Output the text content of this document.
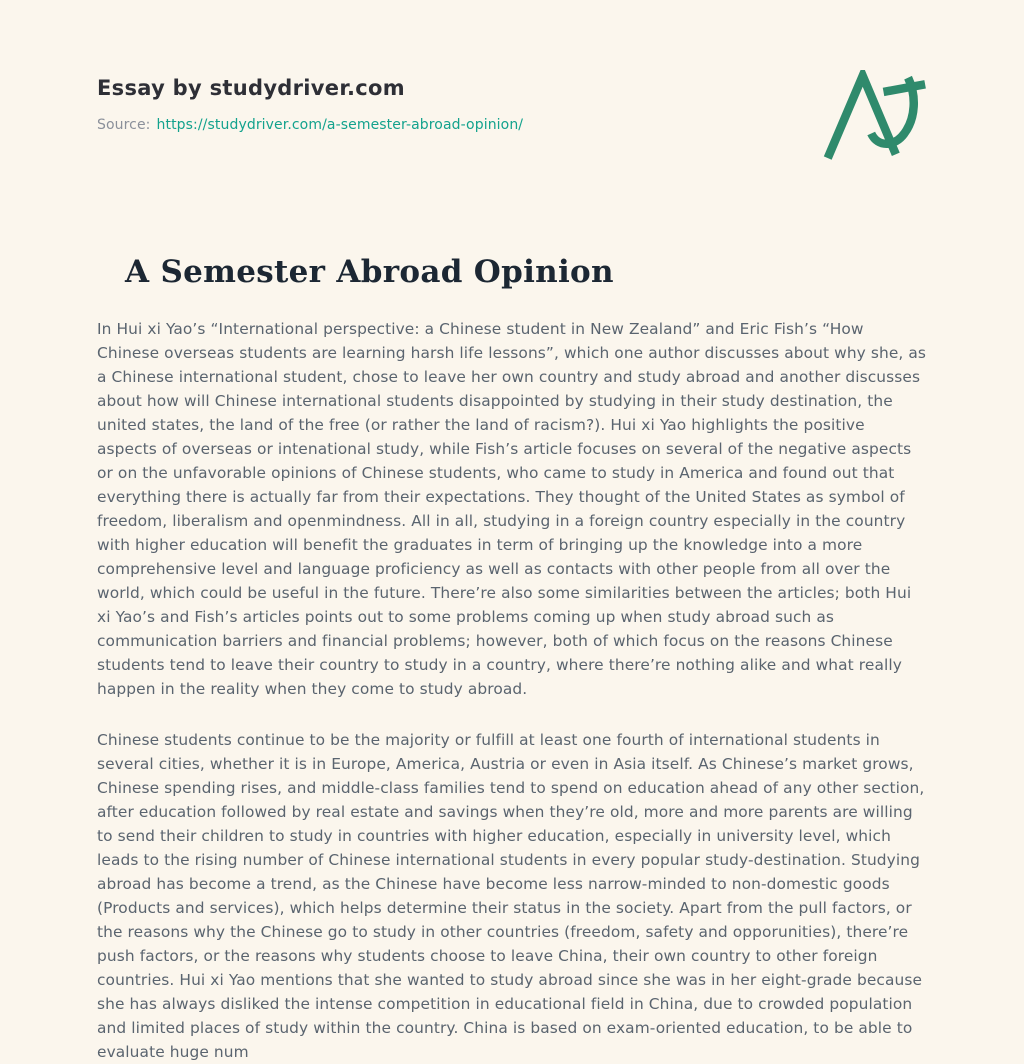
Essay by studydriver.com
Source: https://studydriver.com/a-semester-abroad-opinion/
A Semester Abroad Opinion

In Hui xi Yao’s “International perspective: a Chinese student in New Zealand” and Eric Fish’s “How Chinese overseas students are learning harsh life lessons”, which one author discusses about why she, as a Chinese international student, chose to leave her own country and study abroad and another discusses about how will Chinese international students disappointed by studying in their study destination, the united states, the land of the free (or rather the land of racism?). Hui xi Yao highlights the positive aspects of overseas or intenational study, while Fish’s article focuses on several of the negative aspects or on the unfavorable opinions of Chinese students, who came to study in America and found out that everything there is actually far from their expectations. They thought of the United States as symbol of freedom, liberalism and openmindness. All in all, studying in a foreign country especially in the country with higher education will benefit the graduates in term of bringing up the knowledge into a more comprehensive level and language proficiency as well as contacts with other people from all over the world, which could be useful in the future. There’re also some similarities between the articles; both Hui xi Yao’s and Fish’s articles points out to some problems coming up when study abroad such as communication barriers and financial problems; however, both of which focus on the reasons Chinese students tend to leave their country to study in a country, where there’re nothing alike and what really happen in the reality when they come to study abroad.

Chinese students continue to be the majority or fulfill at least one fourth of international students in several cities, whether it is in Europe, America, Austria or even in Asia itself. As Chinese’s market grows, Chinese spending rises, and middle-class families tend to spend on education ahead of any other section, after education followed by real estate and savings when they’re old, more and more parents are willing to send their children to study in countries with higher education, especially in university level, which leads to the rising number of Chinese international students in every popular study-destination. Studying abroad has become a trend, as the Chinese have become less narrow-minded to non-domestic goods (Products and services), which helps determine their status in the society. Apart from the pull factors, or the reasons why the Chinese go to study in other countries (freedom, safety and opporunities), there’re push factors, or the reasons why students choose to leave China, their own country to other foreign countries. Hui xi Yao mentions that she wanted to study abroad since she was in her eight-grade because she has always disliked the intense competition in educational field in China, due to crowded population and limited places of study within the country. China is based on exam-oriented education, to be able to evaluate huge num
